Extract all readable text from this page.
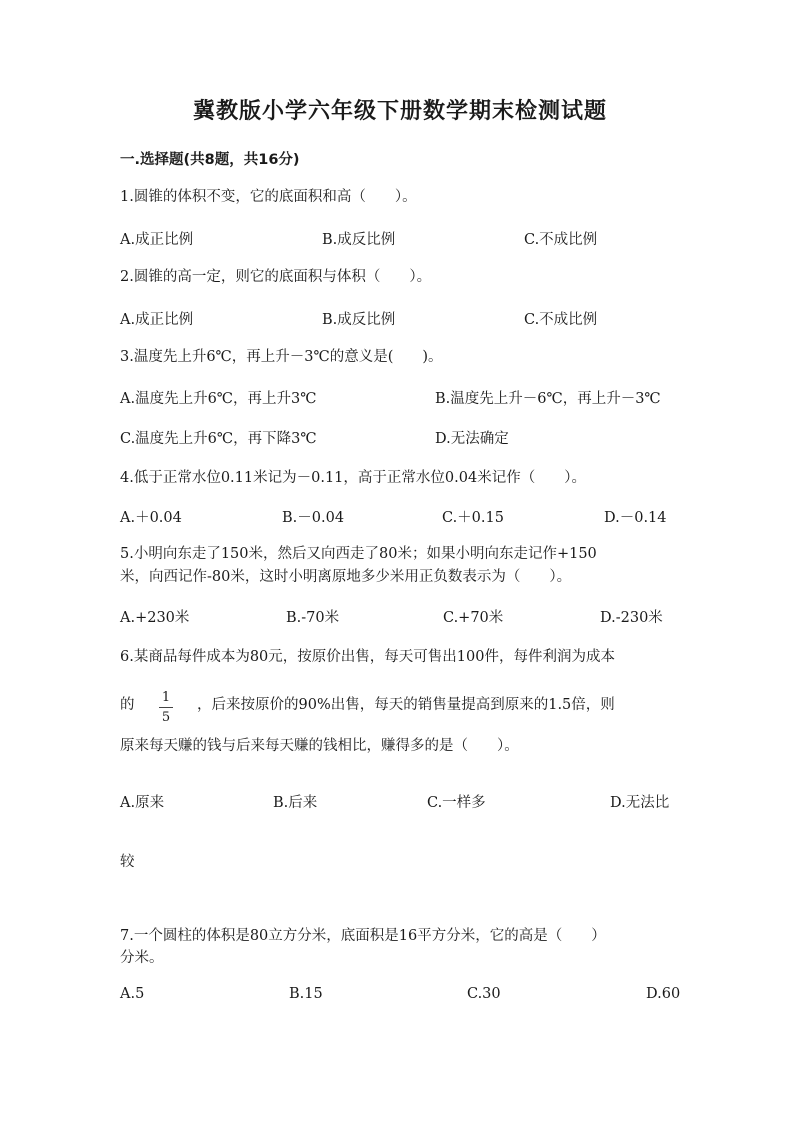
冀教版小学六年级下册数学期末检测试题
一.选择题(共8题，共16分)
1.圆锥的体积不变，它的底面积和高（　　）。
A.成正比例	B.成反比例	C.不成比例
2.圆锥的高一定，则它的底面积与体积（　　）。
A.成正比例	B.成反比例	C.不成比例
3.温度先上升6℃，再上升－3℃的意义是(　　)。
A.温度先上升6℃，再上升3℃	B.温度先上升－6℃，再上升－3℃
C.温度先上升6℃，再下降3℃	D.无法确定
4.低于正常水位0.11米记为－0.11，高于正常水位0.04米记作（　　）。
A.＋0.04	B.－0.04	C.＋0.15	D.－0.14
5.小明向东走了150米，然后又向西走了80米；如果小明向东走记作+150
米，向西记作-80米，这时小明离原地多少米用正负数表示为（　　）。
A.+230米	B.-70米	C.+70米	D.-230米
6.某商品每件成本为80元，按原价出售，每天可售出100件，每件利润为成本
的 1
5
，后来按原价的90%出售，每天的销售量提高到原来的1.5倍，则
原来每天赚的钱与后来每天赚的钱相比，赚得多的是（　　）。
A.原来	B.后来	C.一样多	D.无法比
较
7.一个圆柱的体积是80立方分米，底面积是16平方分米，它的高是（　　）
分米。
A.5	B.15	C.30	D.60
